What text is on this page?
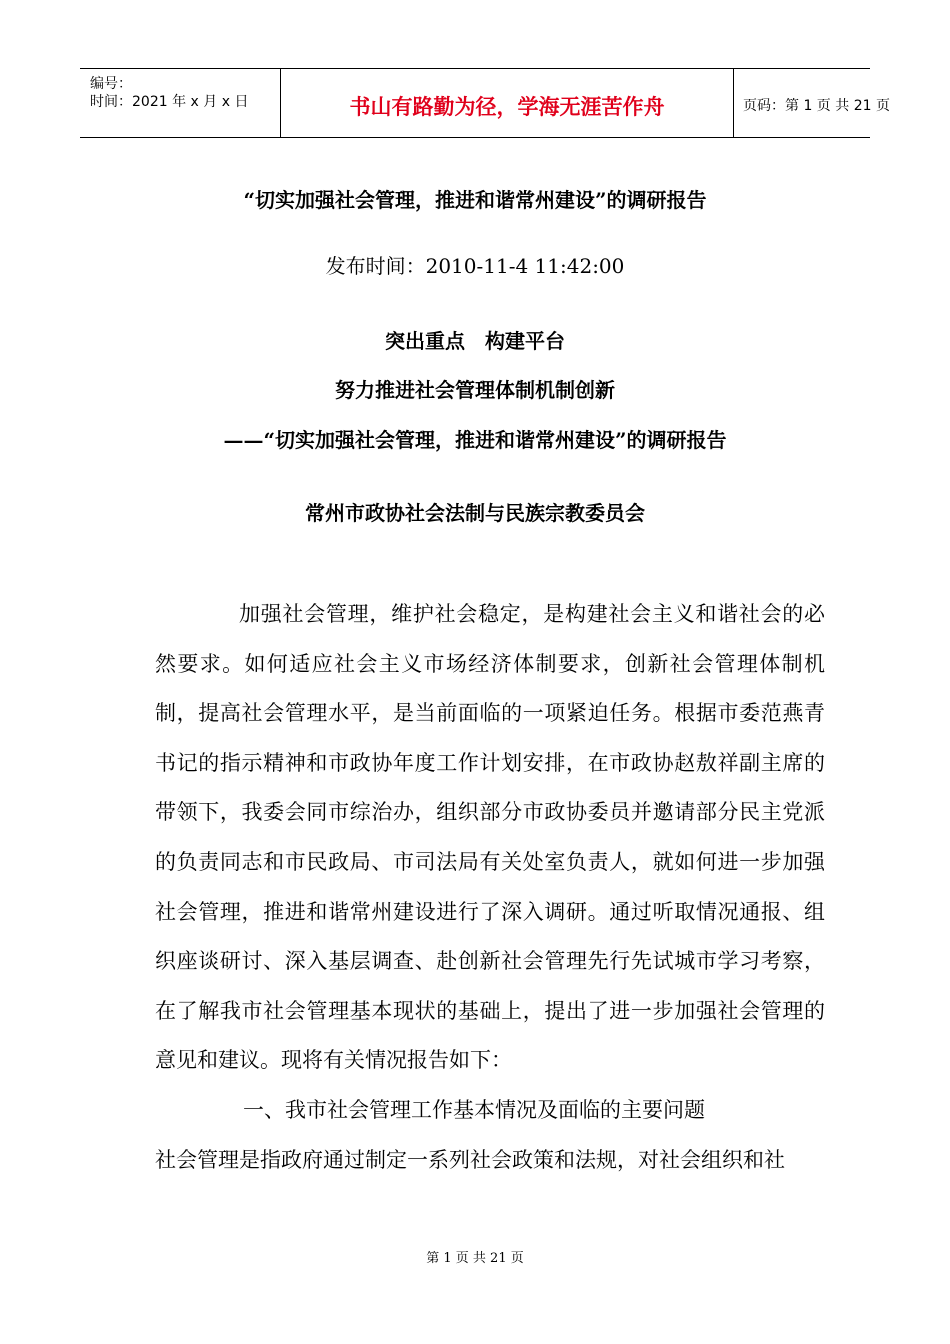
编号：
时间：2021 年 x 月 x 日	书山有路勤为径，学海无涯苦作舟	页码：第 1 页 共 21 页
“切实加强社会管理，推进和谐常州建设”的调研报告
发布时间：2010-11-4 11:42:00
突出重点　构建平台
努力推进社会管理体制机制创新
——“切实加强社会管理，推进和谐常州建设”的调研报告
常州市政协社会法制与民族宗教委员会

加强社会管理，维护社会稳定，是构建社会主义和谐社会的必然要求。如何适应社会主义市场经济体制要求，创新社会管理体制机制，提高社会管理水平，是当前面临的一项紧迫任务。根据市委范燕青书记的指示精神和市政协年度工作计划安排，在市政协赵敖祥副主席的带领下，我委会同市综治办，组织部分市政协委员并邀请部分民主党派的负责同志和市民政局、市司法局有关处室负责人，就如何进一步加强社会管理，推进和谐常州建设进行了深入调研。通过听取情况通报、组织座谈研讨、深入基层调查、赴创新社会管理先行先试城市学习考察，在了解我市社会管理基本现状的基础上，提出了进一步加强社会管理的意见和建议。现将有关情况报告如下：

一、我市社会管理工作基本情况及面临的主要问题

社会管理是指政府通过制定一系列社会政策和法规，对社会组织和社

第 1 页 共 21 页
